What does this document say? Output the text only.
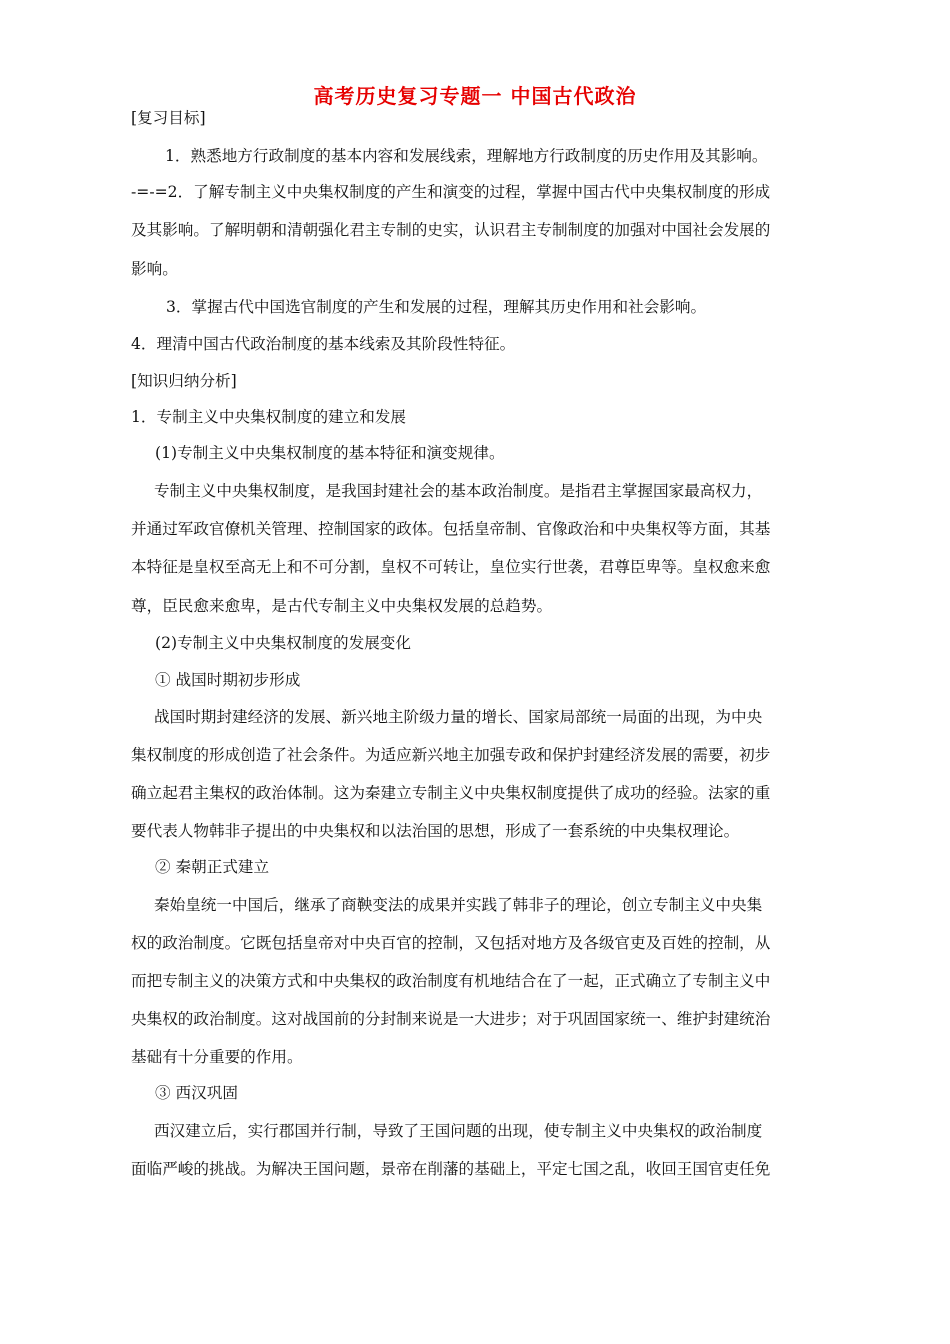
高考历史复习专题一 中国古代政治
[复习目标]
1．熟悉地方行政制度的基本内容和发展线索，理解地方行政制度的历史作用及其影响。
-=-=2．了解专制主义中央集权制度的产生和演变的过程，掌握中国古代中央集权制度的形成
及其影响。了解明朝和清朝强化君主专制的史实，认识君主专制制度的加强对中国社会发展的
影响。
3．掌握古代中国选官制度的产生和发展的过程，理解其历史作用和社会影响。
4．理清中国古代政治制度的基本线索及其阶段性特征。
[知识归纳分析]
1．专制主义中央集权制度的建立和发展
(1)专制主义中央集权制度的基本特征和演变规律。
专制主义中央集权制度，是我国封建社会的基本政治制度。是指君主掌握国家最高权力，
并通过军政官僚机关管理、控制国家的政体。包括皇帝制、官像政治和中央集权等方面，其基
本特征是皇权至高无上和不可分割，皇权不可转让，皇位实行世袭，君尊臣卑等。皇权愈来愈
尊，臣民愈来愈卑，是古代专制主义中央集权发展的总趋势。
(2)专制主义中央集权制度的发展变化
① 战国时期初步形成
战国时期封建经济的发展、新兴地主阶级力量的增长、国家局部统一局面的出现，为中央
集权制度的形成创造了社会条件。为适应新兴地主加强专政和保护封建经济发展的需要，初步
确立起君主集权的政治体制。这为秦建立专制主义中央集权制度提供了成功的经验。法家的重
要代表人物韩非子提出的中央集权和以法治国的思想，形成了一套系统的中央集权理论。
② 秦朝正式建立
秦始皇统一中国后，继承了商鞅变法的成果并实践了韩非子的理论，创立专制主义中央集
权的政治制度。它既包括皇帝对中央百官的控制，又包括对地方及各级官吏及百姓的控制，从
而把专制主义的决策方式和中央集权的政治制度有机地结合在了一起，正式确立了专制主义中
央集权的政治制度。这对战国前的分封制来说是一大进步；对于巩固国家统一、维护封建统治
基础有十分重要的作用。
③ 西汉巩固
西汉建立后，实行郡国并行制，导致了王国问题的出现，使专制主义中央集权的政治制度
面临严峻的挑战。为解决王国问题，景帝在削藩的基础上，平定七国之乱，收回王国官吏任免
